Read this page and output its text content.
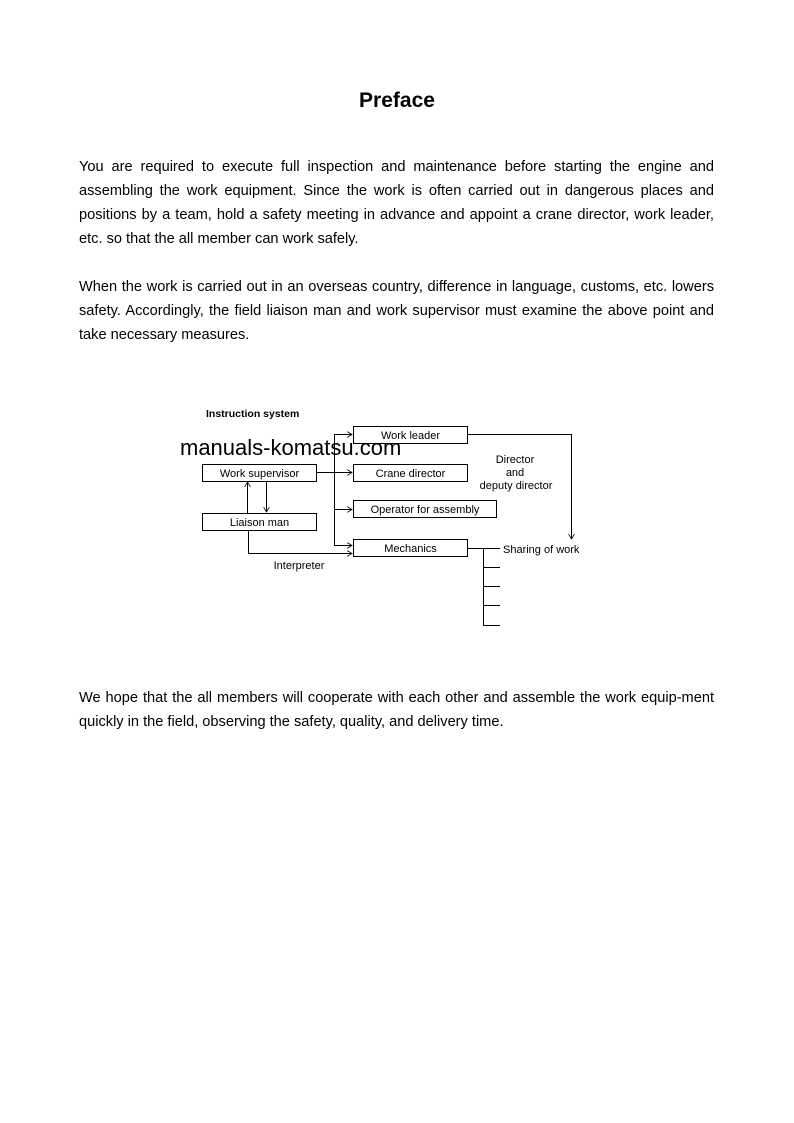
Preface

You are required to execute full inspection and maintenance before starting the engine and assembling the work equipment. Since the work is often carried out in dangerous places and positions by a team, hold a safety meeting in advance and appoint a crane director, work leader, etc. so that the all member can work safely.

When the work is carried out in an overseas country, difference in language, customs, etc. lowers safety. Accordingly, the field liaison man and work supervisor must examine the above point and take necessary measures.

We hope that the all members will cooperate with each other and assemble the work equip-ment quickly in the field, observing the safety, quality, and delivery time.

Instruction system
Work leader
Work supervisor	Crane director
Operator for assembly
Liaison man
Mechanics
Director
and
deputy director
Sharing of work
Interpreter
manuals-komatsu.com
